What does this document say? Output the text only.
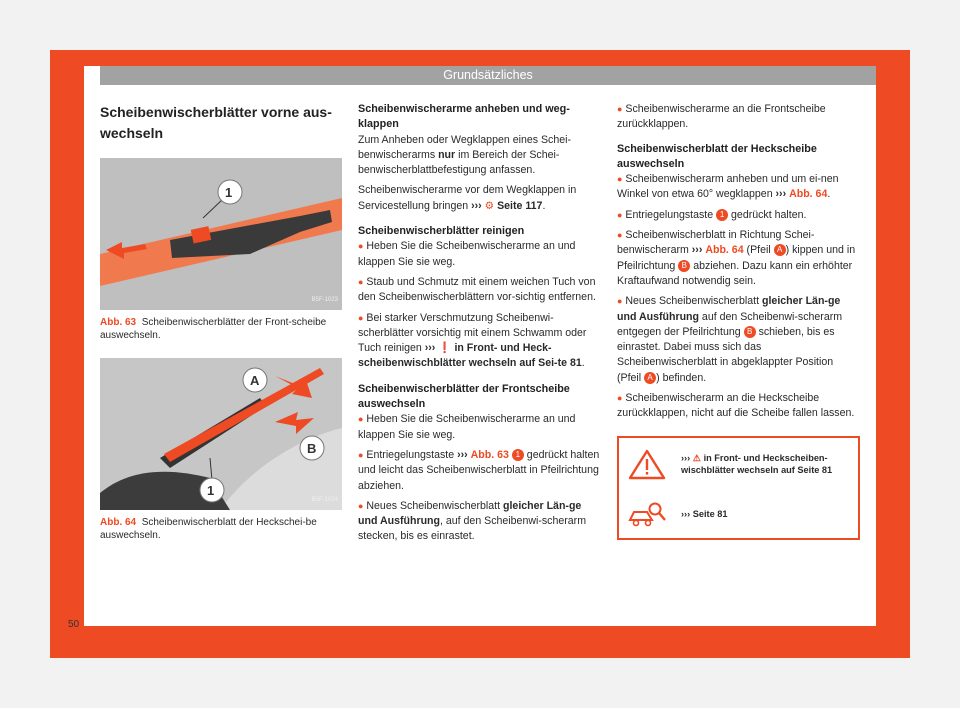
Grundsätzliches
50
Scheibenwischerblätter vorne aus-wechseln
1
B5F-1023

Abb. 63 Scheibenwischerblätter der Front-scheibe auswechseln.

A
B
1
B5F-1024

Abb. 64 Scheibenwischerblatt der Heckschei-be auswechseln.

Scheibenwischerarme anheben und weg-klappen

Zum Anheben oder Wegklappen eines Schei-benwischerarms nur im Bereich der Schei-benwischerblattbefestigung anfassen.

Scheibenwischerarme vor dem Wegklappen in Servicestellung bringen ››› ⚙ Seite 117.

Scheibenwischerblätter reinigen

● Heben Sie die Scheibenwischerarme an und klappen Sie sie weg.

● Staub und Schmutz mit einem weichen Tuch von den Scheibenwischerblättern vor-sichtig entfernen.

● Bei starker Verschmutzung Scheibenwi-scherblätter vorsichtig mit einem Schwamm oder Tuch reinigen ››› ❗ in Front- und Heck-scheibenwischblätter wechseln auf Sei-te 81.

Scheibenwischerblätter der Frontscheibe auswechseln

● Heben Sie die Scheibenwischerarme an und klappen Sie sie weg.

● Entriegelungstaste ››› Abb. 63 1 gedrückt halten und leicht das Scheibenwischerblatt in Pfeilrichtung abziehen.

● Neues Scheibenwischerblatt gleicher Län-ge und Ausführung, auf den Scheibenwi-scherarm stecken, bis es einrastet.

● Scheibenwischerarme an die Frontscheibe zurückklappen.

Scheibenwischerblatt der Heckscheibe auswechseln

● Scheibenwischerarm anheben und um ei-nen Winkel von etwa 60° wegklappen ››› Abb. 64.

● Entriegelungstaste 1 gedrückt halten.

● Scheibenwischerblatt in Richtung Schei-benwischerarm ››› Abb. 64 (Pfeil A ) kippen und in Pfeilrichtung B abziehen. Dazu kann ein erhöhter Kraftaufwand notwendig sein.

● Neues Scheibenwischerblatt gleicher Län-ge und Ausführung auf den Scheibenwi-scherarm entgegen der Pfeilrichtung B schieben, bis es einrastet. Dabei muss sich das Scheibenwischerblatt in abgeklappter Position (Pfeil A ) befinden.

● Scheibenwischerarm an die Heckscheibe zurückklappen, nicht auf die Scheibe fallen lassen.

››› ⚠ in Front- und Heckscheiben-wischblätter wechseln auf Seite 81
››› Seite 81
